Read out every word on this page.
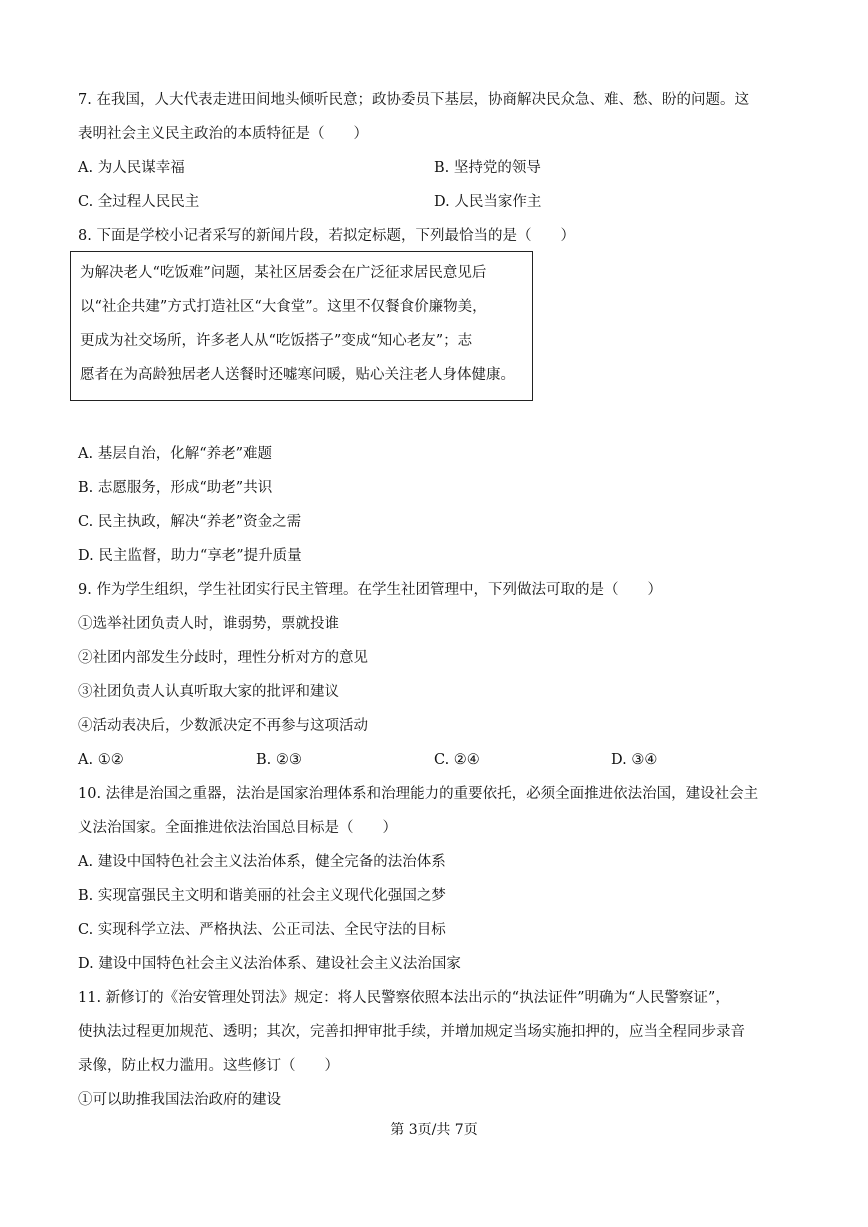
7. 在我国，人大代表走进田间地头倾听民意；政协委员下基层，协商解决民众急、难、愁、盼的问题。这
表明社会主义民主政治的本质特征是（　　）
A. 为人民谋幸福	B. 坚持党的领导
C. 全过程人民民主	D. 人民当家作主
8. 下面是学校小记者采写的新闻片段，若拟定标题，下列最恰当的是（　　）
为解决老人“吃饭难”问题，某社区居委会在广泛征求居民意见后
以“社企共建”方式打造社区“大食堂”。这里不仅餐食价廉物美，
更成为社交场所，许多老人从“吃饭搭子”变成“知心老友”；志
愿者在为高龄独居老人送餐时还嘘寒问暖，贴心关注老人身体健康。
A. 基层自治，化解“养老”难题
B. 志愿服务，形成“助老”共识
C. 民主执政，解决“养老”资金之需
D. 民主监督，助力“享老”提升质量
9. 作为学生组织，学生社团实行民主管理。在学生社团管理中，下列做法可取的是（　　）
①选举社团负责人时，谁弱势，票就投谁
②社团内部发生分歧时，理性分析对方的意见
③社团负责人认真听取大家的批评和建议
④活动表决后，少数派决定不再参与这项活动
A. ①②	B. ②③	C. ②④	D. ③④
10. 法律是治国之重器，法治是国家治理体系和治理能力的重要依托，必须全面推进依法治国，建设社会主
义法治国家。全面推进依法治国总目标是（　　）
A. 建设中国特色社会主义法治体系，健全完备的法治体系
B. 实现富强民主文明和谐美丽的社会主义现代化强国之梦
C. 实现科学立法、严格执法、公正司法、全民守法的目标
D. 建设中国特色社会主义法治体系、建设社会主义法治国家
11. 新修订的《治安管理处罚法》规定：将人民警察依照本法出示的“执法证件”明确为“人民警察证”，
使执法过程更加规范、透明；其次，完善扣押审批手续，并增加规定当场实施扣押的，应当全程同步录音
录像，防止权力滥用。这些修订（　　）
①可以助推我国法治政府的建设
第 3页/共 7页
